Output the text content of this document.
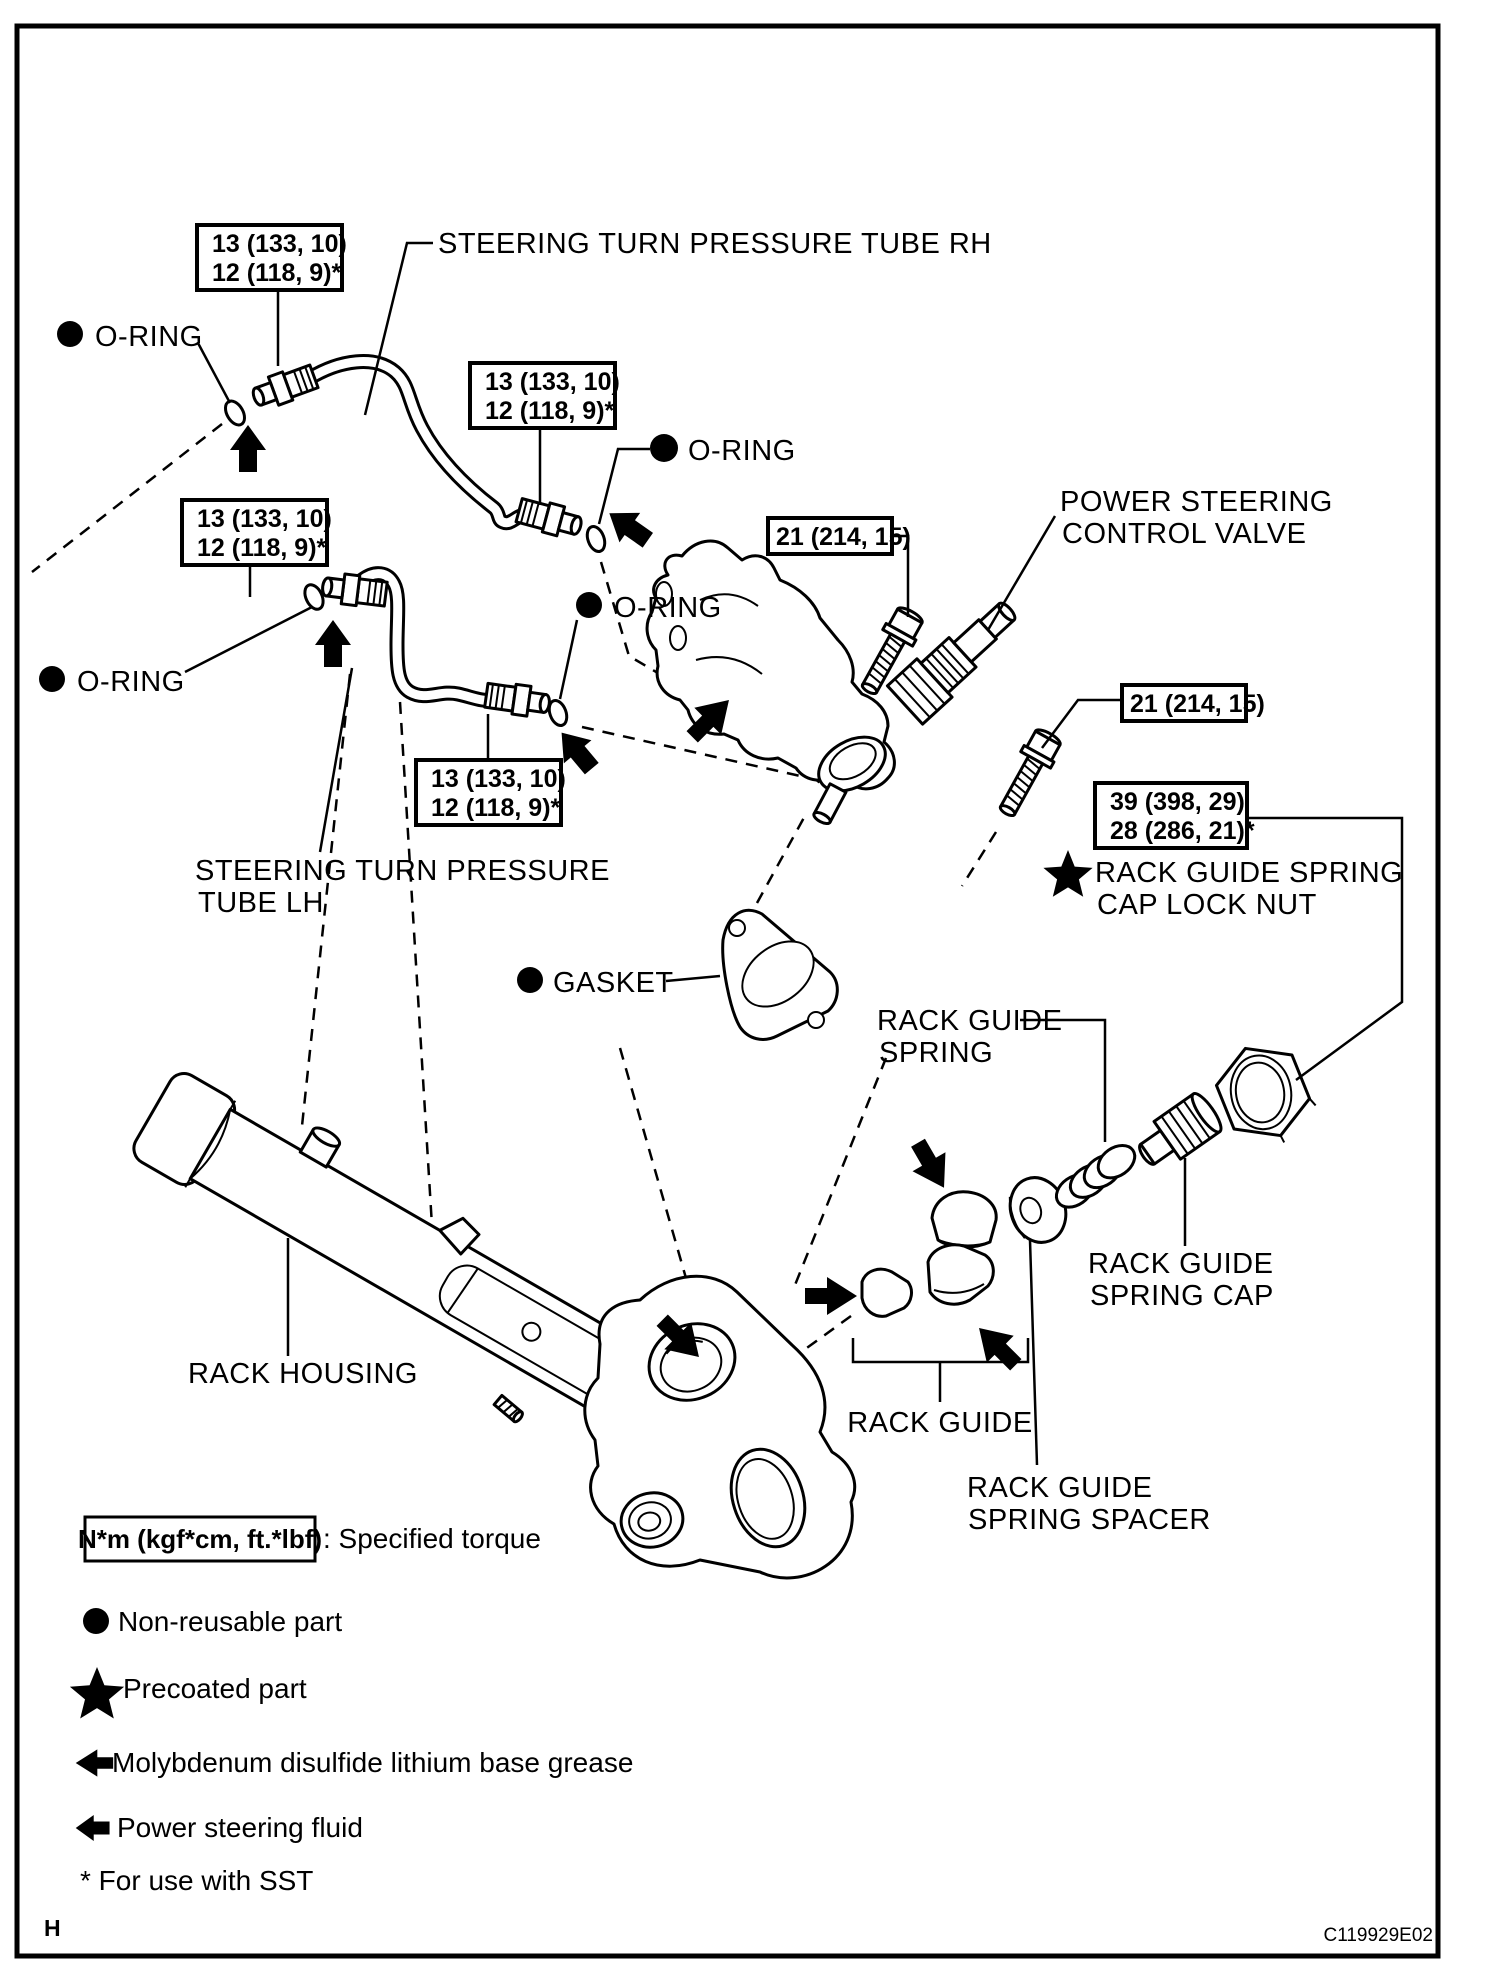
13 (133, 10)
12 (118, 9)*
13 (133, 10)
12 (118, 9)*
13 (133, 10)
12 (118, 9)*
13 (133, 10)
12 (118, 9)*
21 (214, 15)
21 (214, 15)
39 (398, 29)
28 (286, 21)*
STEERING TURN PRESSURE TUBE RH
O-RING
O-RING
O-RING
O-RING
POWER STEERING
CONTROL VALVE
STEERING TURN PRESSURE
TUBE LH
GASKET
RACK GUIDE SPRING
CAP LOCK NUT
RACK GUIDE
SPRING
RACK HOUSING
RACK GUIDE
RACK GUIDE
SPRING CAP
RACK GUIDE
SPRING SPACER
N*m (kgf*cm, ft.*lbf) : Specified torque
Non-reusable part
Precoated part
Molybdenum disulfide lithium base grease
Power steering fluid
* For use with SST
H	C119929E02
